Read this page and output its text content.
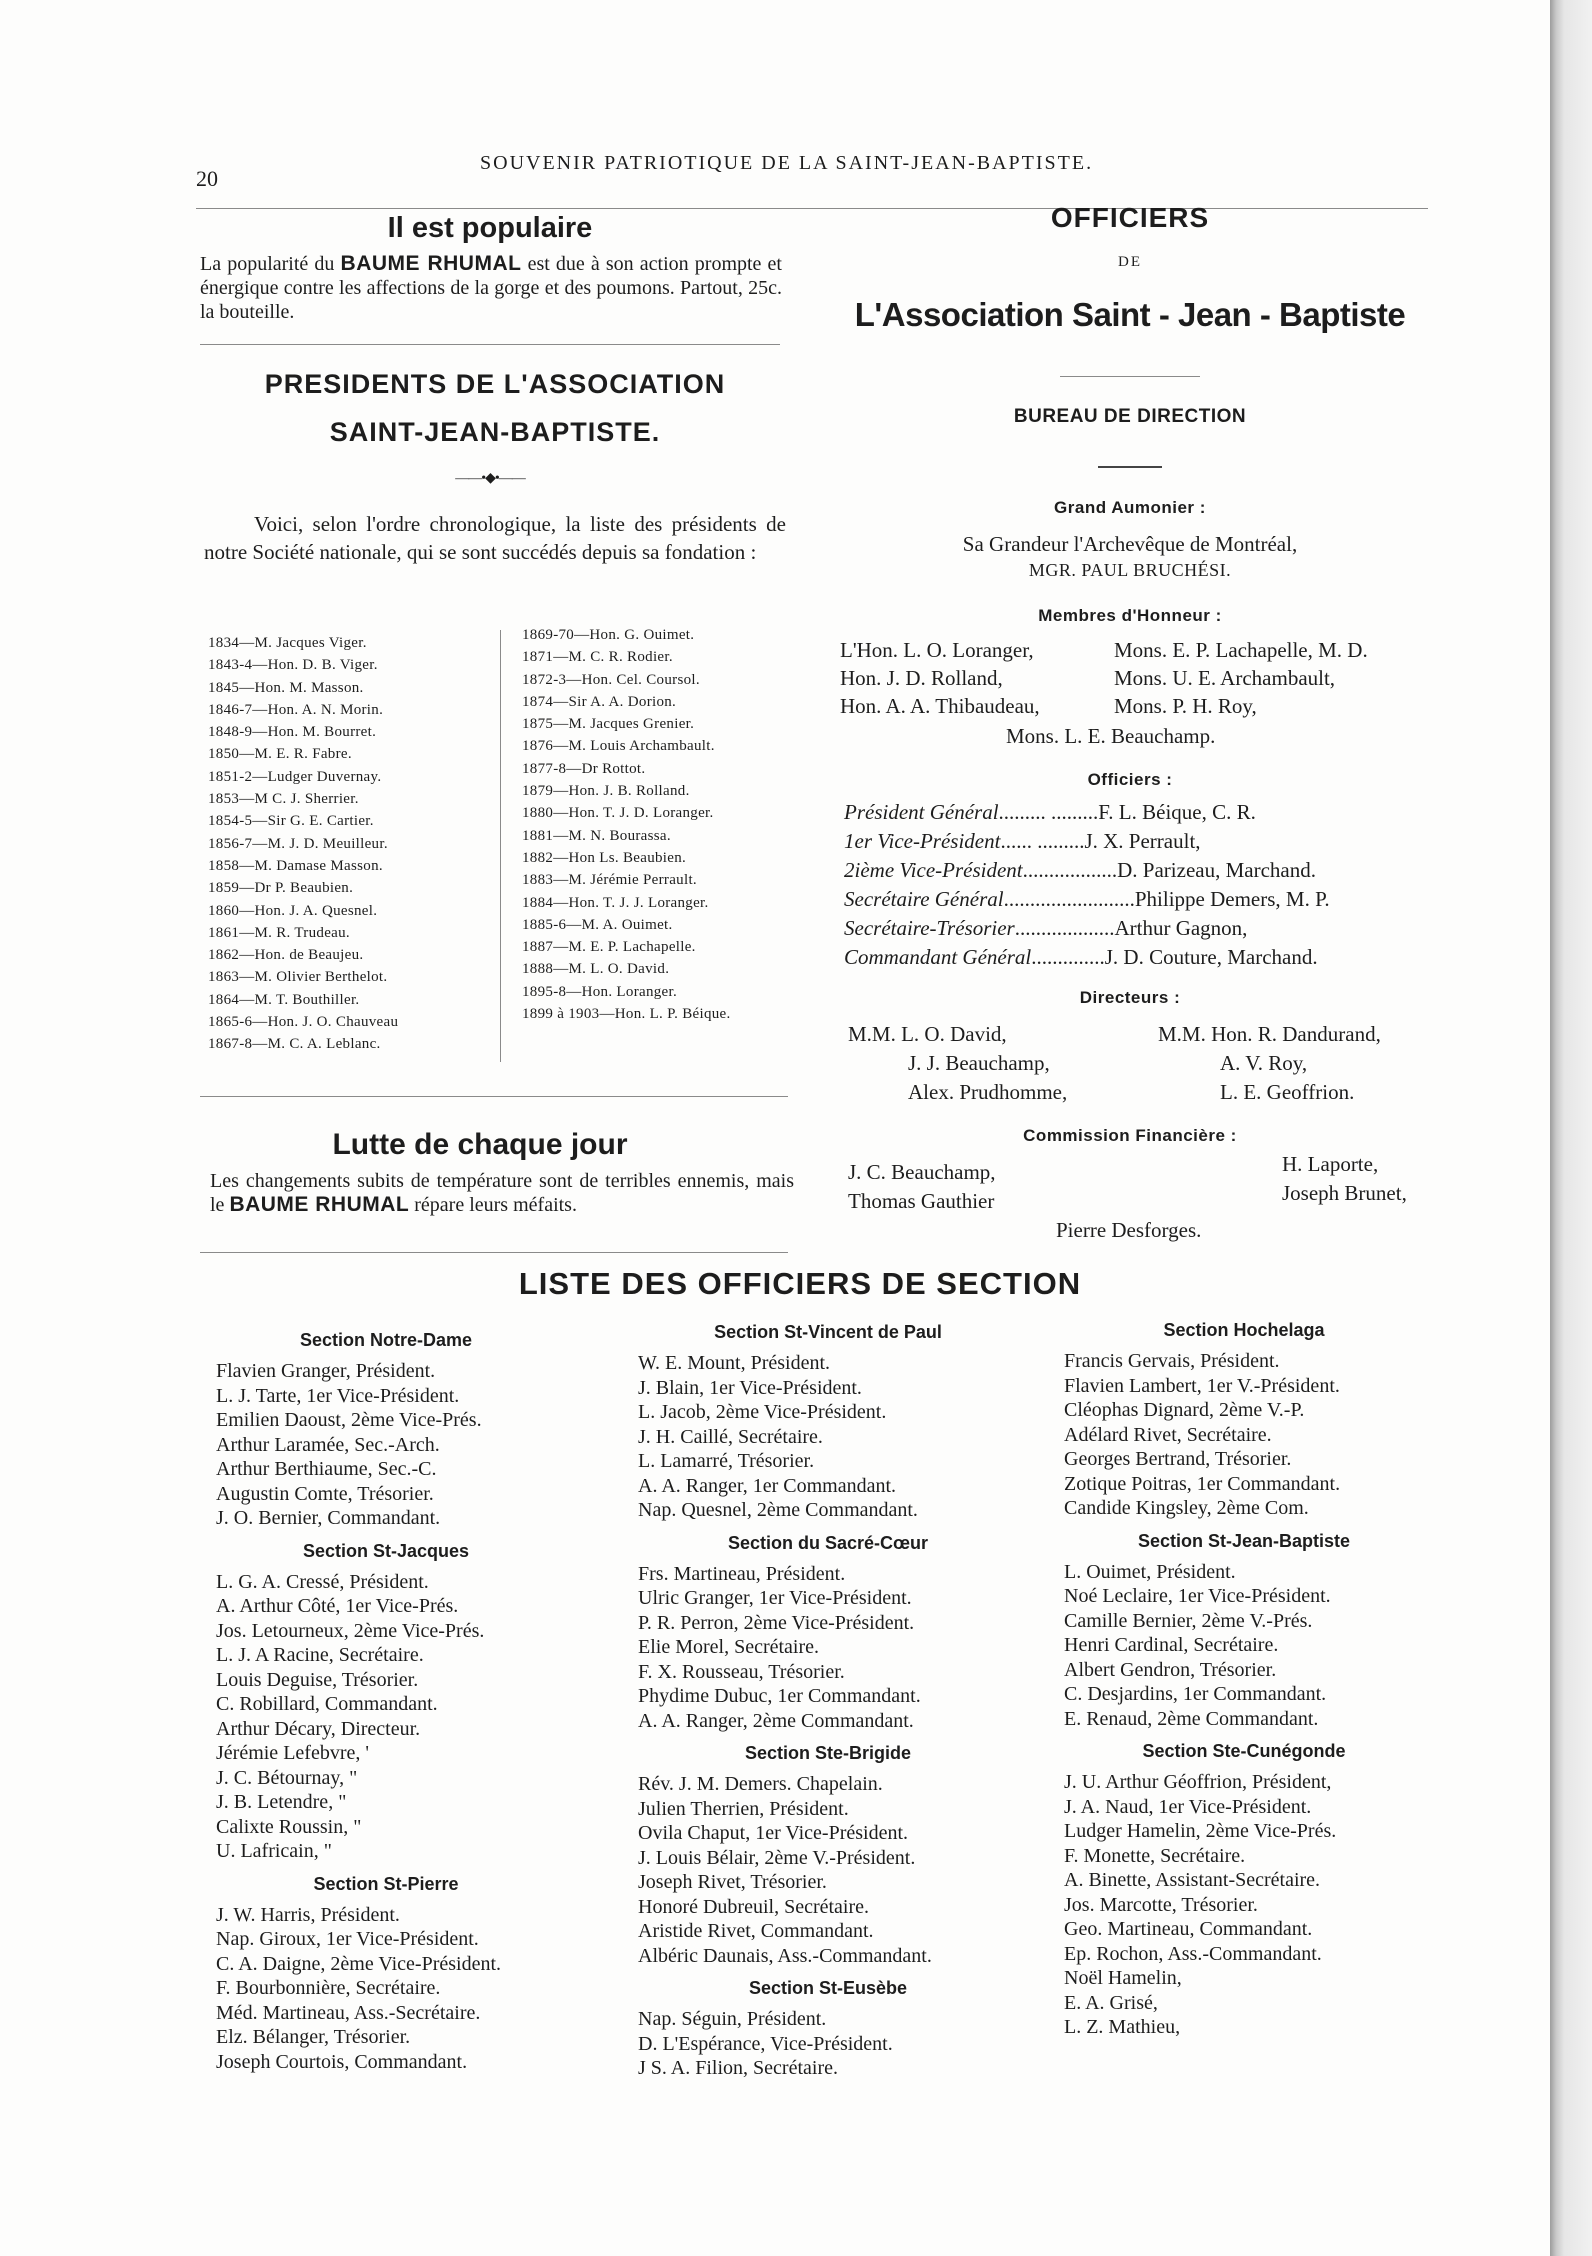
20
SOUVENIR PATRIOTIQUE DE LA SAINT-JEAN-BAPTISTE.
Il est populaire
La popularité du BAUME RHUMAL est due à son action prompte et énergique contre les affections de la gorge et des poumons. Partout, 25c. la bouteille.
PRESIDENTS DE L'ASSOCIATION
SAINT-JEAN-BAPTISTE.
——•◆•——
Voici, selon l'ordre chronologique, la liste des présidents de notre Société nationale, qui se sont succédés depuis sa fondation :
1834—M. Jacques Viger.
1843-4—Hon. D. B. Viger.
1845—Hon. M. Masson.
1846-7—Hon. A. N. Morin.
1848-9—Hon. M. Bourret.
1850—M. E. R. Fabre.
1851-2—Ludger Duvernay.
1853—M C. J. Sherrier.
1854-5—Sir G. E. Cartier.
1856-7—M. J. D. Meuilleur.
1858—M. Damase Masson.
1859—Dr P. Beaubien.
1860—Hon. J. A. Quesnel.
1861—M. R. Trudeau.
1862—Hon. de Beaujeu.
1863—M. Olivier Berthelot.
1864—M. T. Bouthiller.
1865-6—Hon. J. O. Chauveau
1867-8—M. C. A. Leblanc.
1869-70—Hon. G. Ouimet.
1871—M. C. R. Rodier.
1872-3—Hon. Cel. Coursol.
1874—Sir A. A. Dorion.
1875—M. Jacques Grenier.
1876—M. Louis Archambault.
1877-8—Dr Rottot.
1879—Hon. J. B. Rolland.
1880—Hon. T. J. D. Loranger.
1881—M. N. Bourassa.
1882—Hon Ls. Beaubien.
1883—M. Jérémie Perrault.
1884—Hon. T. J. J. Loranger.
1885-6—M. A. Ouimet.
1887—M. E. P. Lachapelle.
1888—M. L. O. David.
1895-8—Hon. Loranger.
1899 à 1903—Hon. L. P. Béique.
Lutte de chaque jour
Les changements subits de température sont de terribles ennemis, mais le BAUME RHUMAL répare leurs méfaits.
OFFICIERS
DE
L'Association Saint - Jean - Baptiste
BUREAU DE DIRECTION
Grand Aumonier :
Sa Grandeur l'Archevêque de Montréal,
MGR. PAUL BRUCHÉSI.
Membres d'Honneur :
L'Hon. L. O. Loranger,
Hon. J. D. Rolland,
Hon. A. A. Thibaudeau,
Mons. E. P. Lachapelle, M. D.
Mons. U. E. Archambault,
Mons. P. H. Roy,
Mons. L. E. Beauchamp.
Officiers :
Président Général......... .........F. L. Béique, C. R.
1er Vice-Président...... .........J. X. Perrault,
2ième Vice-Président..................D. Parizeau, Marchand.
Secrétaire Général.........................Philippe Demers, M. P.
Secrétaire-Trésorier...................Arthur Gagnon,
Commandant Général..............J. D. Couture, Marchand.
Directeurs :
M.M. L. O. David,
J. J. Beauchamp,
Alex. Prudhomme,
M.M. Hon. R. Dandurand,
A. V. Roy,
L. E. Geoffrion.
Commission Financière :
J. C. Beauchamp,
Thomas Gauthier
H. Laporte,
Joseph Brunet,
Pierre Desforges.
LISTE DES OFFICIERS DE SECTION
Section Notre-Dame
Flavien Granger, Président.
L. J. Tarte, 1er Vice-Président.
Emilien Daoust, 2ème Vice-Prés.
Arthur Laramée, Sec.-Arch.
Arthur Berthiaume, Sec.-C.
Augustin Comte, Trésorier.
J. O. Bernier, Commandant.
Section St-Jacques
L. G. A. Cressé, Président.
A. Arthur Côté, 1er Vice-Prés.
Jos. Letourneux, 2ème Vice-Prés.
L. J. A Racine, Secrétaire.
Louis Deguise, Trésorier.
C. Robillard, Commandant.
Arthur Décary, Directeur.
Jérémie Lefebvre, '
J. C. Bétournay, "
J. B. Letendre, "
Calixte Roussin, "
U. Lafricain, "
Section St-Pierre
J. W. Harris, Président.
Nap. Giroux, 1er Vice-Président.
C. A. Daigne, 2ème Vice-Président.
F. Bourbonnière, Secrétaire.
Méd. Martineau, Ass.-Secrétaire.
Elz. Bélanger, Trésorier.
Joseph Courtois, Commandant.
Section St-Vincent de Paul
W. E. Mount, Président.
J. Blain, 1er Vice-Président.
L. Jacob, 2ème Vice-Président.
J. H. Caillé, Secrétaire.
L. Lamarré, Trésorier.
A. A. Ranger, 1er Commandant.
Nap. Quesnel, 2ème Commandant.
Section du Sacré-Cœur
Frs. Martineau, Président.
Ulric Granger, 1er Vice-Président.
P. R. Perron, 2ème Vice-Président.
Elie Morel, Secrétaire.
F. X. Rousseau, Trésorier.
Phydime Dubuc, 1er Commandant.
A. A. Ranger, 2ème Commandant.
Section Ste-Brigide
Rév. J. M. Demers. Chapelain.
Julien Therrien, Président.
Ovila Chaput, 1er Vice-Président.
J. Louis Bélair, 2ème V.-Président.
Joseph Rivet, Trésorier.
Honoré Dubreuil, Secrétaire.
Aristide Rivet, Commandant.
Albéric Daunais, Ass.-Commandant.
Section St-Eusèbe
Nap. Séguin, Président.
D. L'Espérance, Vice-Président.
J S. A. Filion, Secrétaire.
Section Hochelaga
Francis Gervais, Président.
Flavien Lambert, 1er V.-Président.
Cléophas Dignard, 2ème V.-P.
Adélard Rivet, Secrétaire.
Georges Bertrand, Trésorier.
Zotique Poitras, 1er Commandant.
Candide Kingsley, 2ème Com.
Section St-Jean-Baptiste
L. Ouimet, Président.
Noé Leclaire, 1er Vice-Président.
Camille Bernier, 2ème V.-Prés.
Henri Cardinal, Secrétaire.
Albert Gendron, Trésorier.
C. Desjardins, 1er Commandant.
E. Renaud, 2ème Commandant.
Section Ste-Cunégonde
J. U. Arthur Géoffrion, Président,
J. A. Naud, 1er Vice-Président.
Ludger Hamelin, 2ème Vice-Prés.
F. Monette, Secrétaire.
A. Binette, Assistant-Secrétaire.
Jos. Marcotte, Trésorier.
Geo. Martineau, Commandant.
Ep. Rochon, Ass.-Commandant.
Noël Hamelin,
E. A. Grisé,
L. Z. Mathieu,
